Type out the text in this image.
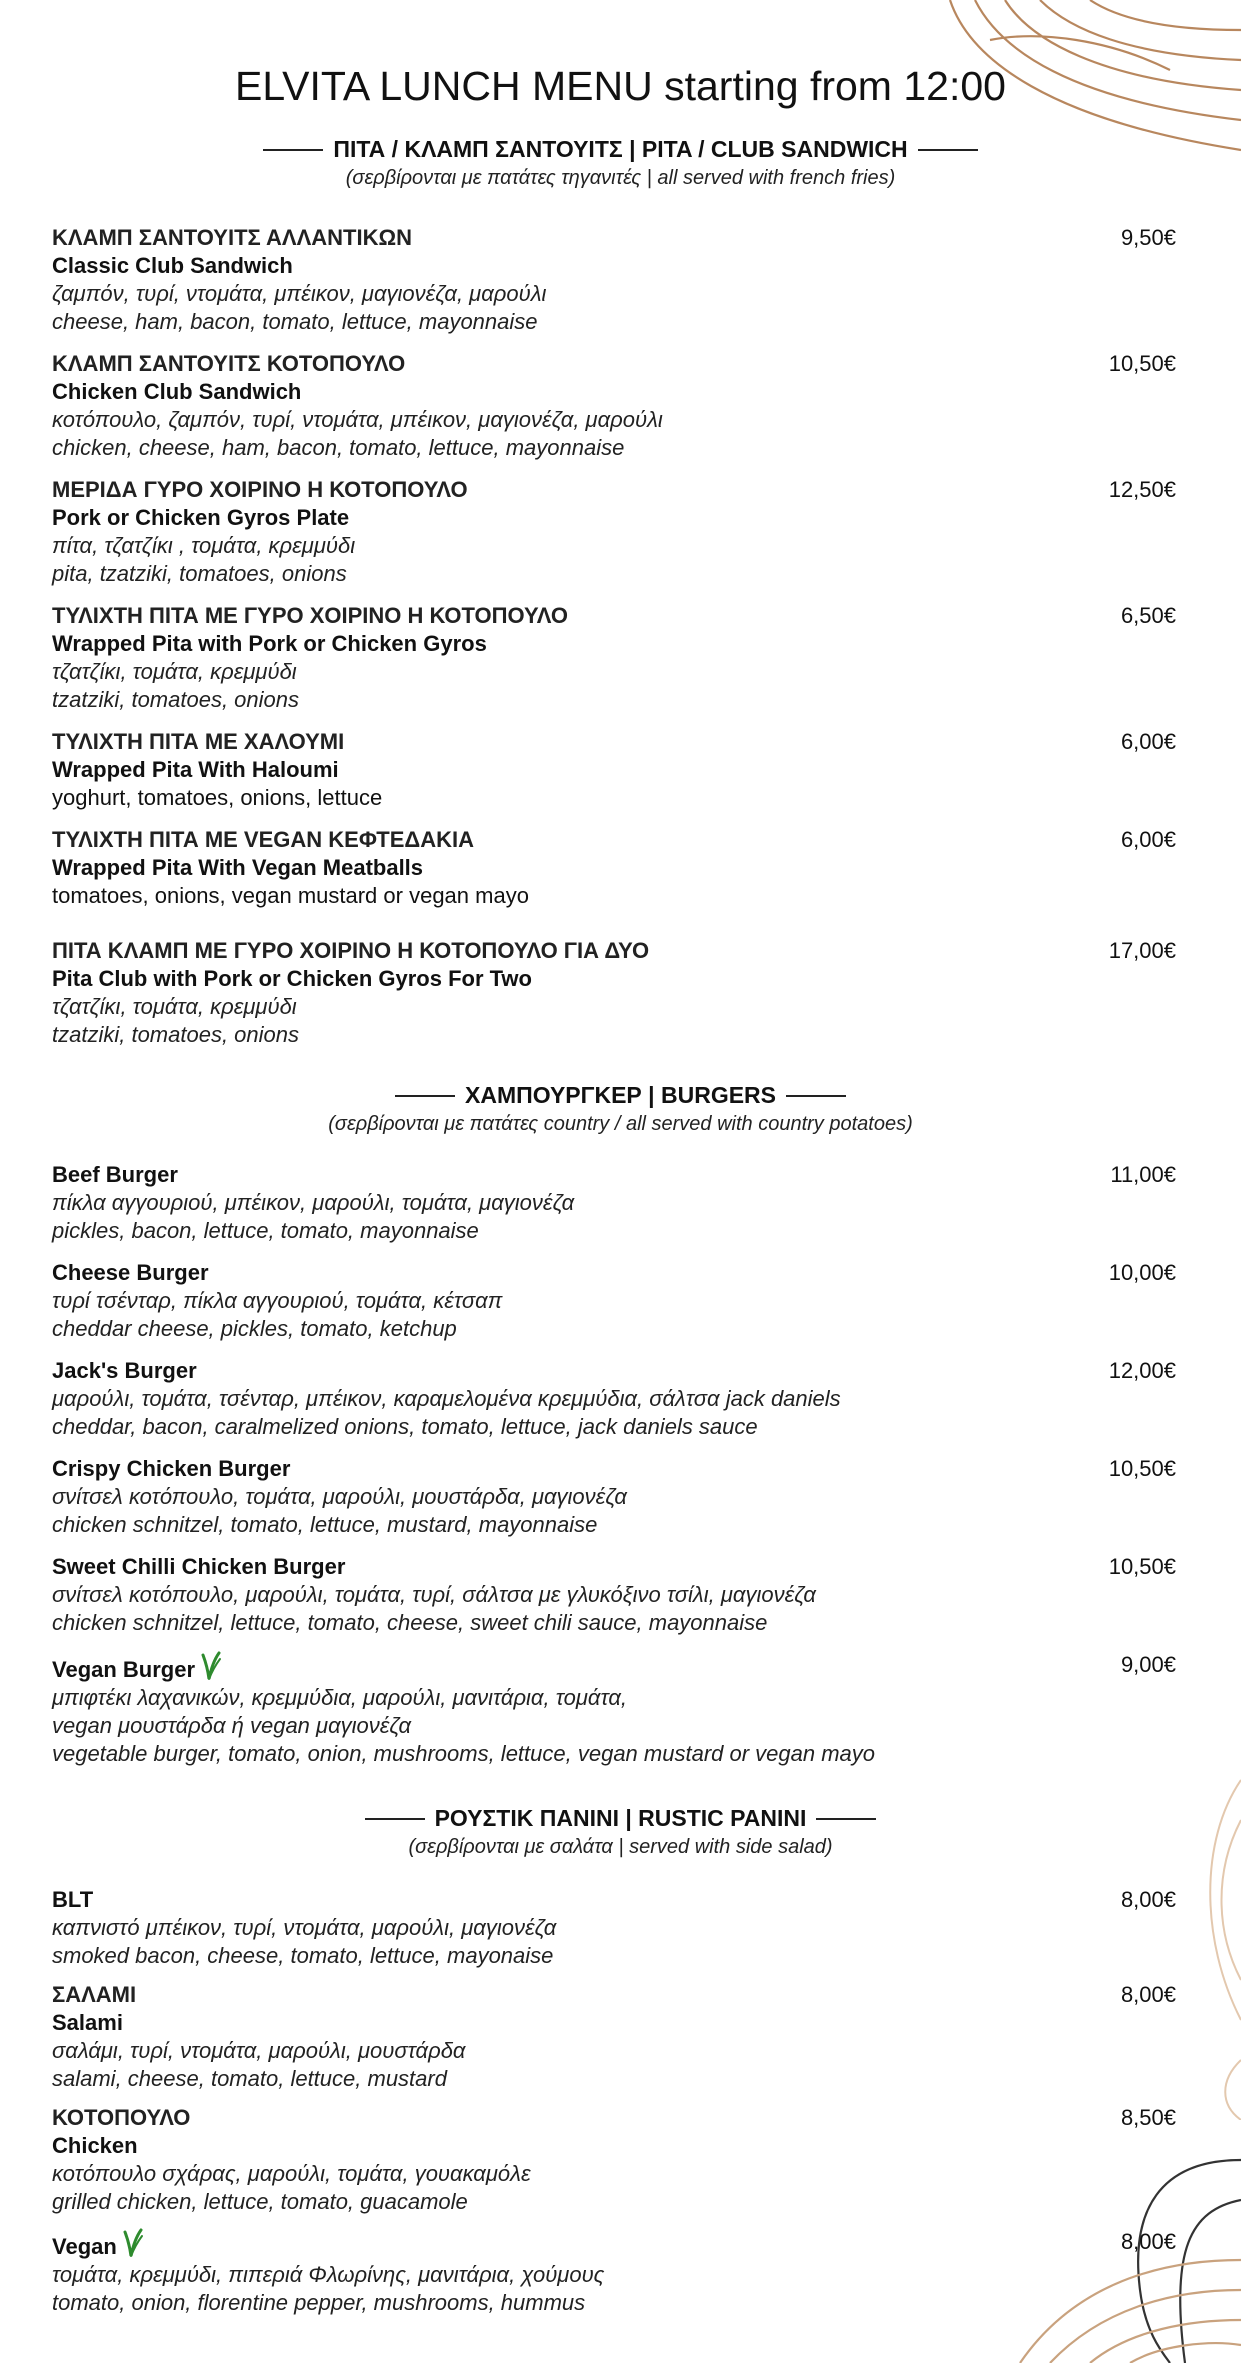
ELVITA LUNCH MENU starting from 12:00
ΠΙΤΑ / ΚΛΑΜΠ ΣΑΝΤΟΥΙΤΣ | PITA / CLUB SANDWICH
(σερβίρονται με πατάτες τηγανιτές | all served with french fries)
ΚΛΑΜΠ ΣΑΝΤΟΥΙΤΣ ΑΛΛΑΝΤΙΚΩΝ
Classic Club Sandwich
ζαμπόν, τυρί, ντομάτα, μπέικον, μαγιονέζα, μαρούλι
cheese, ham, bacon, tomato, lettuce, mayonnaise
9,50€
ΚΛΑΜΠ ΣΑΝΤΟΥΙΤΣ ΚΟΤΟΠΟΥΛΟ
Chicken Club Sandwich
κοτόπουλο, ζαμπόν, τυρί, ντομάτα, μπέικον, μαγιονέζα, μαρούλι
chicken, cheese, ham, bacon, tomato, lettuce, mayonnaise
10,50€
ΜΕΡΙΔΑ ΓΥΡΟ ΧΟΙΡΙΝΟ Η ΚΟΤΟΠΟΥΛΟ
Pork or Chicken Gyros Plate
πίτα, τζατζίκι , τομάτα, κρεμμύδι
pita, tzatziki, tomatoes, onions
12,50€
ΤΥΛΙΧΤΗ ΠΙΤΑ ΜΕ ΓΥΡΟ ΧΟΙΡΙΝΟ Η ΚΟΤΟΠΟΥΛΟ
Wrapped Pita with Pork or Chicken Gyros
τζατζίκι, τομάτα, κρεμμύδι
tzatziki, tomatoes, onions
6,50€
ΤΥΛΙΧΤΗ ΠΙΤΑ ΜΕ ΧΑΛΟΥΜΙ
Wrapped Pita With Haloumi
yoghurt, tomatoes, onions, lettuce
6,00€
ΤΥΛΙΧΤΗ ΠΙΤΑ ΜΕ VEGAN ΚΕΦΤΕΔΑΚΙΑ
Wrapped Pita With Vegan Meatballs
tomatoes, onions, vegan mustard or vegan mayo
6,00€
ΠΙΤΑ ΚΛΑΜΠ ΜΕ ΓΥΡΟ ΧΟΙΡΙΝΟ Η ΚΟΤΟΠΟΥΛΟ ΓΙΑ ΔΥΟ
Pita Club with Pork or Chicken Gyros For Two
τζατζίκι, τομάτα, κρεμμύδι
tzatziki, tomatoes, onions
17,00€
ΧΑΜΠΟΥΡΓΚΕΡ | BURGERS
(σερβίρονται με πατάτες country / all served with country potatoes)
Beef Burger
πίκλα αγγουριού, μπέικον, μαρούλι, τομάτα, μαγιονέζα
pickles, bacon, lettuce, tomato, mayonnaise
11,00€
Cheese Burger
τυρί τσένταρ, πίκλα αγγουριού, τομάτα, κέτσαπ
cheddar cheese, pickles, tomato, ketchup
10,00€
Jack's Burger
μαρούλι, τομάτα, τσένταρ, μπέικον, καραμελομένα κρεμμύδια, σάλτσα jack daniels
cheddar, bacon, caralmelized onions, tomato, lettuce, jack daniels sauce
12,00€
Crispy Chicken Burger
σνίτσελ κοτόπουλο, τομάτα, μαρούλι, μουστάρδα, μαγιονέζα
chicken schnitzel, tomato, lettuce, mustard, mayonnaise
10,50€
Sweet Chilli Chicken Burger
σνίτσελ κοτόπουλο, μαρούλι, τομάτα, τυρί, σάλτσα με γλυκόξινο τσίλι, μαγιονέζα
chicken schnitzel, lettuce, tomato, cheese, sweet chili sauce, mayonnaise
10,50€
Vegan Burger
μπιφτέκι λαχανικών, κρεμμύδια, μαρούλι, μανιτάρια, τομάτα,
vegan μουστάρδα ή vegan μαγιονέζα
vegetable burger, tomato, onion, mushrooms, lettuce, vegan mustard or vegan mayo
9,00€
ΡΟΥΣΤΙΚ ΠΑΝΙΝΙ | RUSTIC PANINI
(σερβίρονται με σαλάτα | served with side salad)
BLT
καπνιστό μπέικον, τυρί, ντομάτα, μαρούλι, μαγιονέζα
smoked bacon, cheese, tomato, lettuce, mayonaise
8,00€
ΣΑΛΑΜΙ
Salami
σαλάμι, τυρί, ντομάτα, μαρούλι, μουστάρδα
salami, cheese, tomato, lettuce, mustard
8,00€
ΚΟΤΟΠΟΥΛΟ
Chicken
κοτόπουλο σχάρας, μαρούλι, τομάτα, γουακαμόλε
grilled chicken, lettuce, tomato, guacamole
8,50€
Vegan
τομάτα, κρεμμύδι, πιπεριά Φλωρίνης, μανιτάρια, χούμους
tomato, onion, florentine pepper, mushrooms, hummus
8,00€
